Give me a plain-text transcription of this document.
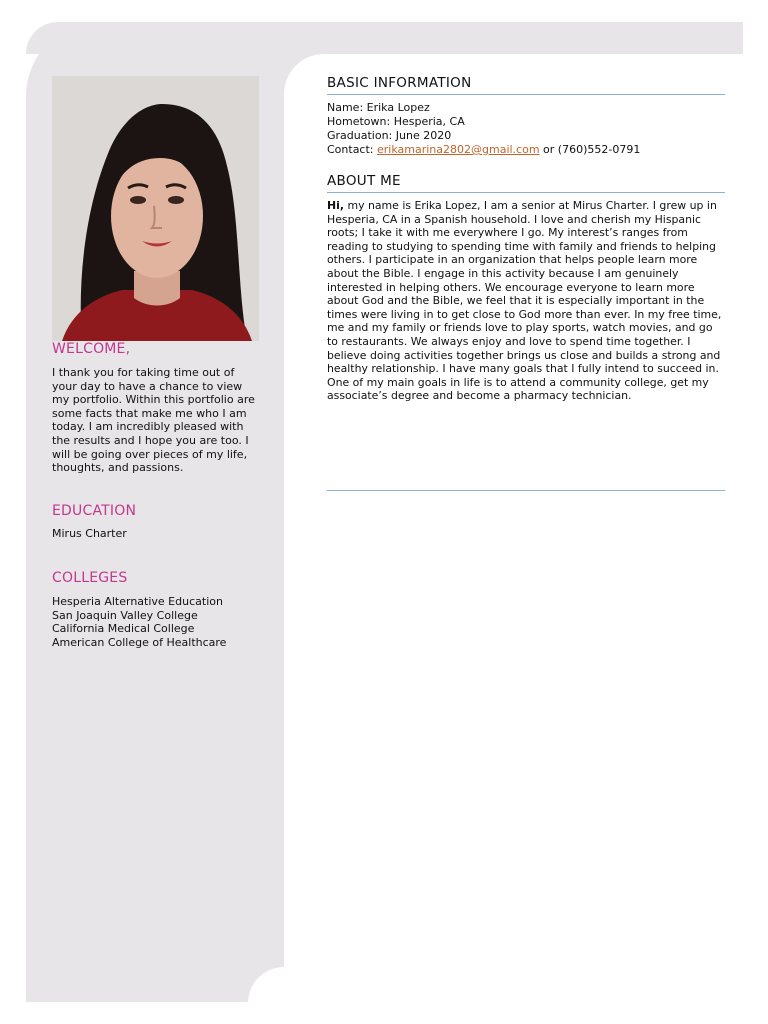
WELCOME,

I thank you for taking time out of your day to have a chance to view my portfolio. Within this portfolio are some facts that make me who I am today. I am incredibly pleased with the results and I hope you are too. I will be going over pieces of my life, thoughts, and passions.

EDUCATION

Mirus Charter

COLLEGES
Hesperia Alternative Education
San Joaquin Valley College
California Medical College
American College of Healthcare
BASIC INFORMATION
Name: Erika Lopez
Hometown: Hesperia, CA
Graduation: June 2020
Contact: erikamarina2802@gmail.com or (760)552-0791
ABOUT ME

Hi, my name is Erika Lopez, I am a senior at Mirus Charter. I grew up in Hesperia, CA in a Spanish household. I love and cherish my Hispanic roots; I take it with me everywhere I go. My interest’s ranges from reading to studying to spending time with family and friends to helping others. I participate in an organization that helps people learn more about the Bible. I engage in this activity because I am genuinely interested in helping others. We encourage everyone to learn more about God and the Bible, we feel that it is especially important in the times were living in to get close to God more than ever. In my free time, me and my family or friends love to play sports, watch movies, and go to restaurants. We always enjoy and love to spend time together. I believe doing activities together brings us close and builds a strong and healthy relationship. I have many goals that I fully intend to succeed in. One of my main goals in life is to attend a community college, get my associate’s degree and become a pharmacy technician.
